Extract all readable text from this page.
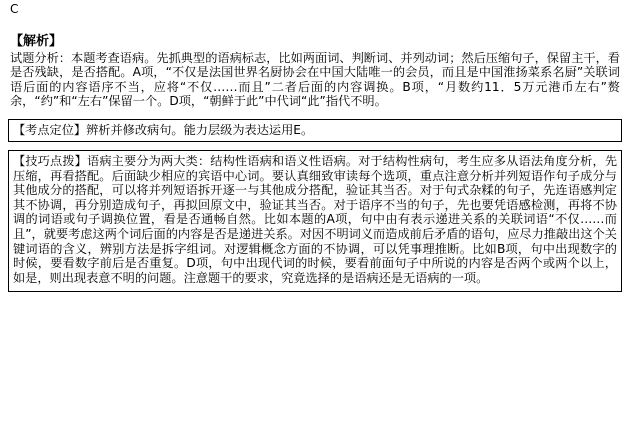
C
【解析】
试题分析：本题考查语病。先抓典型的语病标志，比如两面词、判断词、并列动词；然后压缩句子，保留主干，看是否残缺，是否搭配。A项，“不仅是法国世界名厨协会在中国大陆唯一的会员，而且是中国淮扬菜系名厨”关联词语后面的内容语序不当，应将“不仅……而且”二者后面的内容调换。B项，“月数约11．5万元港币左右”赘余，“约”和“左右”保留一个。D项，“朝鲜于此”中代词“此”指代不明。
【考点定位】辨析并修改病句。能力层级为表达运用E。
【技巧点拨】语病主要分为两大类：结构性语病和语义性语病。对于结构性病句，考生应多从语法角度分析，先压缩，再看搭配。后面缺少相应的宾语中心词。要认真细致审读每个选项，重点注意分析并列短语作句子成分与其他成分的搭配，可以将并列短语拆开逐一与其他成分搭配，验证其当否。对于句式杂糅的句子，先连语感判定其不协调，再分别造成句子，再拟回原文中，验证其当否。对于语序不当的句子，先也要凭语感检测，再将不协调的词语或句子调换位置，看是否通畅自然。比如本题的A项，句中由有表示递进关系的关联词语“不仅……而且”，就要考虑这两个词后面的内容是否是递进关系。对因不明词义而造成前后矛盾的语句，应尽力推敲出这个关键词语的含义，辨别方法是拆字组词。对逻辑概念方面的不协调，可以凭事理推断。比如B项，句中出现数字的时候，要看数字前后是否重复。D项，句中出现代词的时候，要看前面句子中所说的内容是否两个或两个以上，如是，则出现表意不明的问题。注意题干的要求，究竟选择的是语病还是无语病的一项。
